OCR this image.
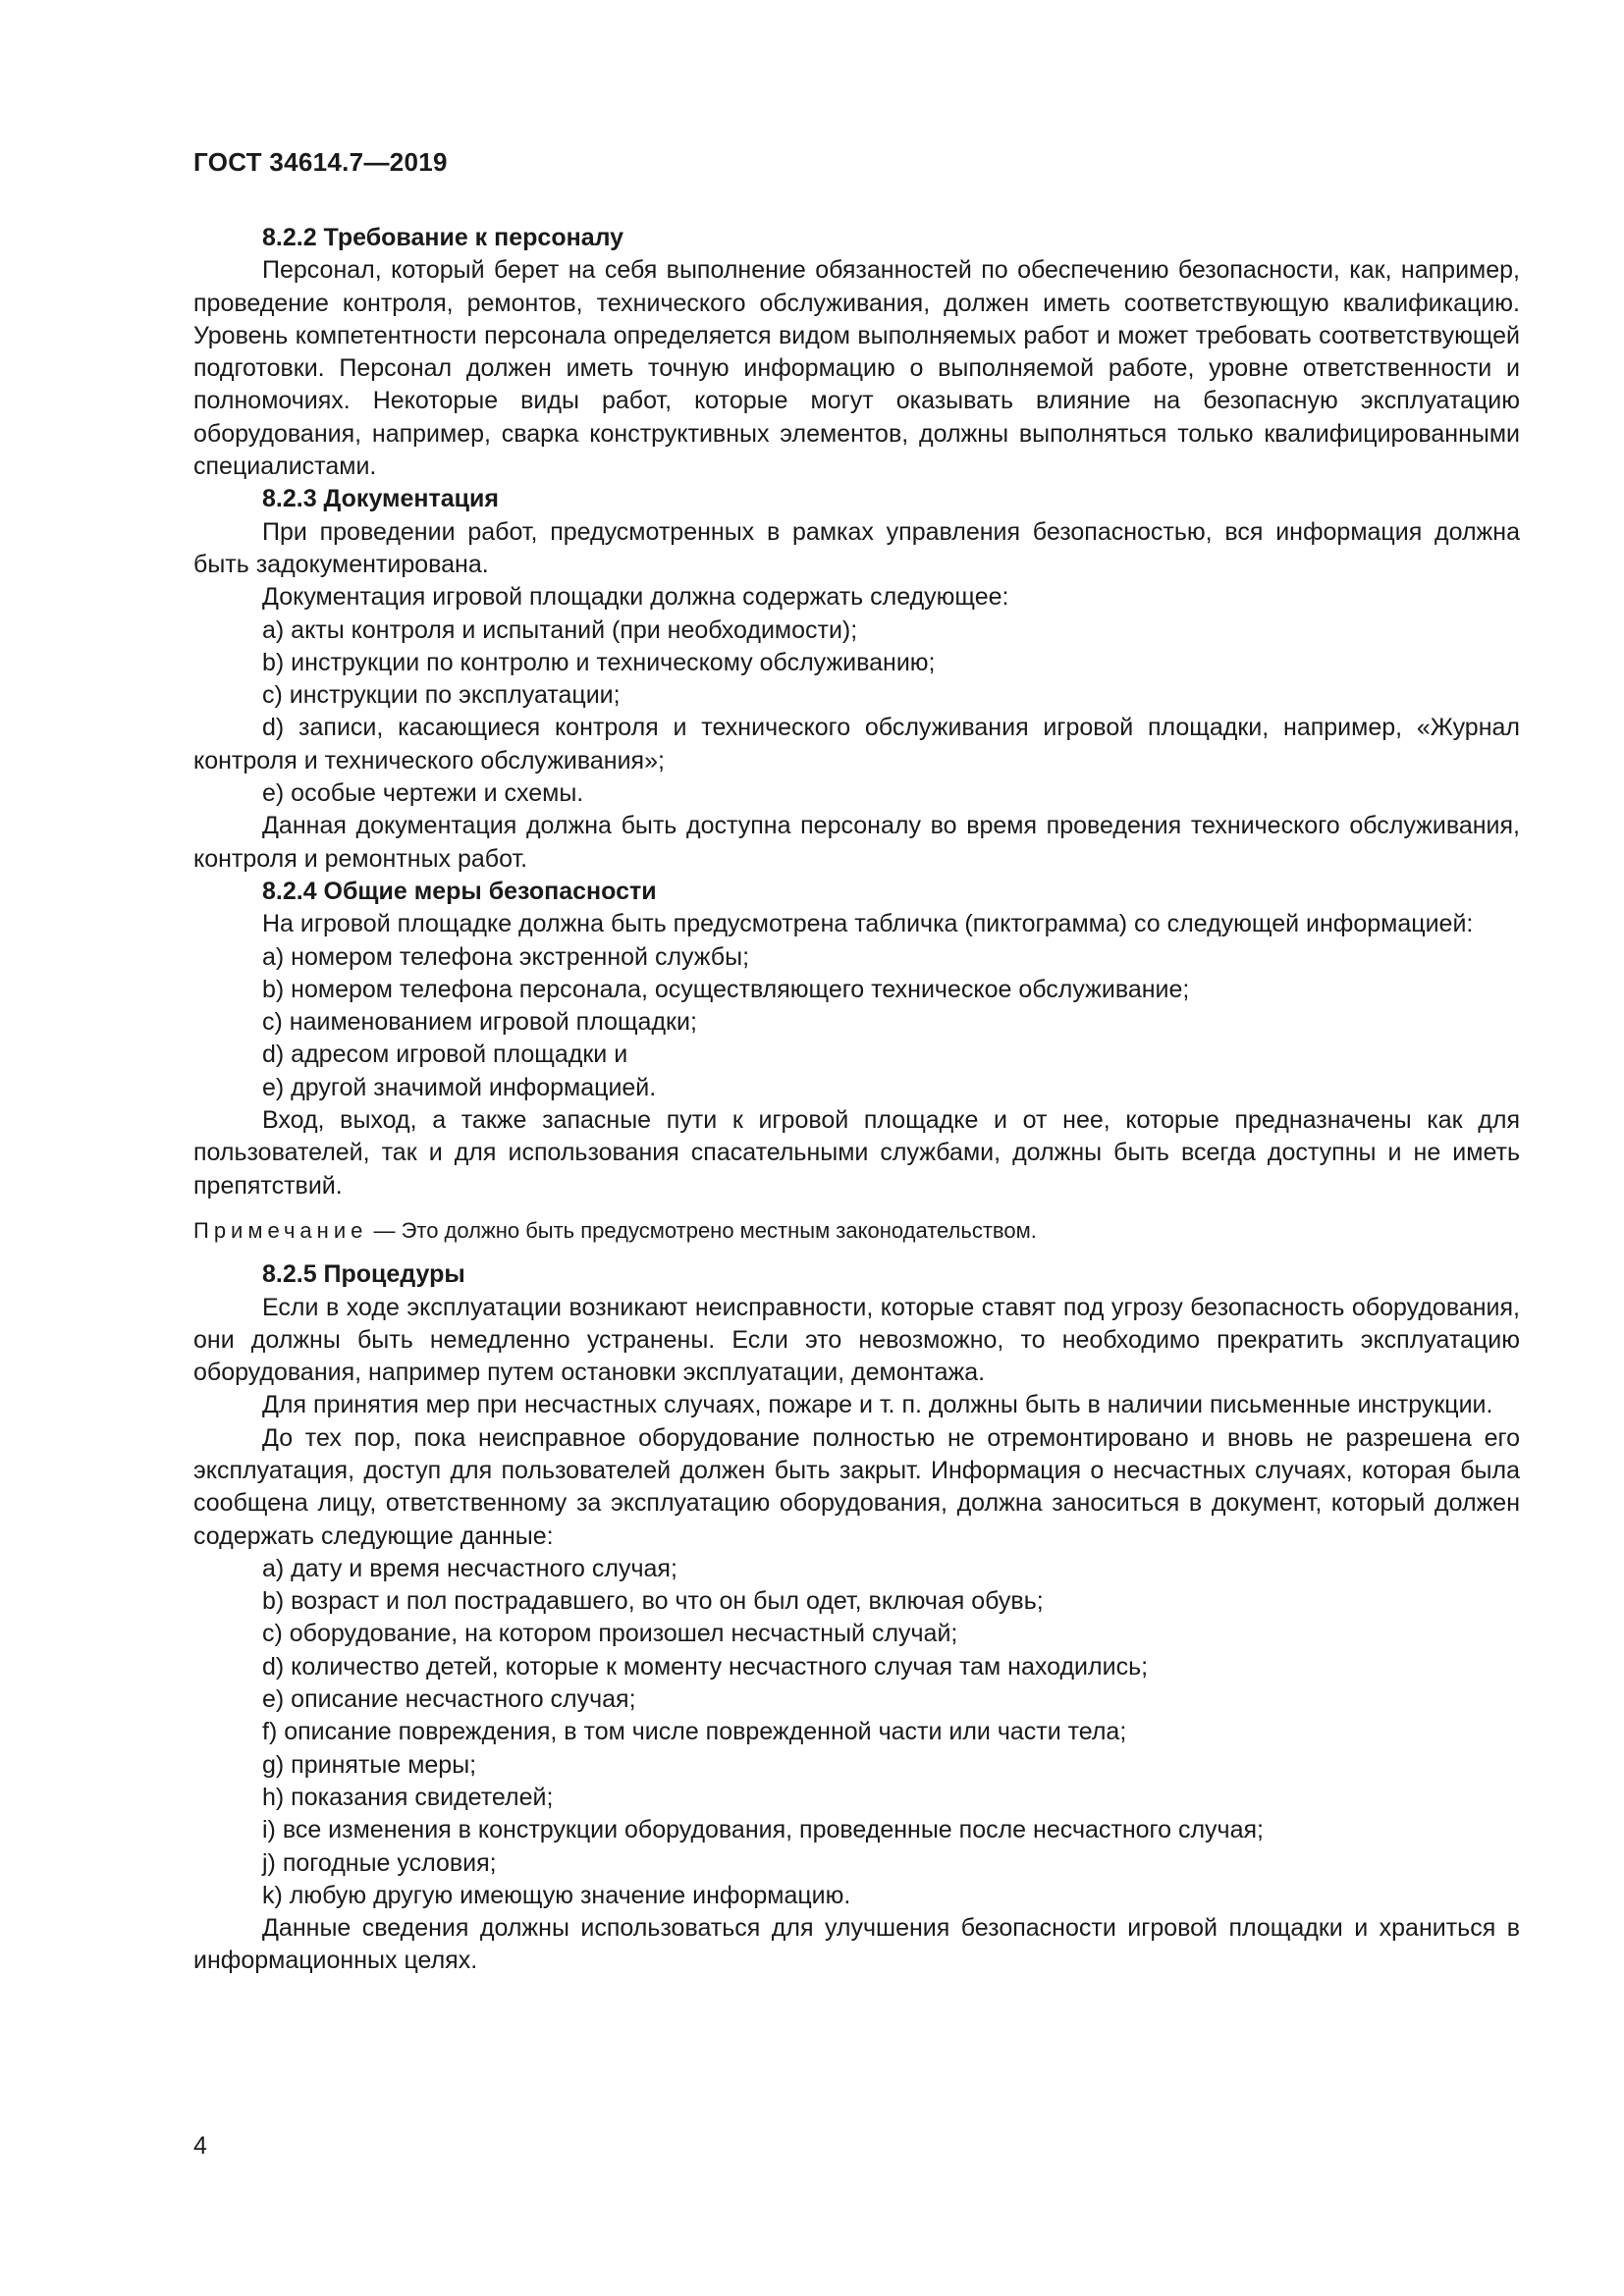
ГОСТ 34614.7—2019

8.2.2 Требование к персоналу

Персонал, который берет на себя выполнение обязанностей по обеспечению безопасности, как, например, проведение контроля, ремонтов, технического обслуживания, должен иметь соответствующую квалификацию. Уровень компетентности персонала определяется видом выполняемых работ и может требовать соответствующей подготовки. Персонал должен иметь точную информацию о выполняемой работе, уровне ответственности и полномочиях. Некоторые виды работ, которые могут оказывать влияние на безопасную эксплуатацию оборудования, например, сварка конструктивных элементов, должны выполняться только квалифицированными специалистами.

8.2.3 Документация

При проведении работ, предусмотренных в рамках управления безопасностью, вся информация должна быть задокументирована.

Документация игровой площадки должна содержать следующее:

a) акты контроля и испытаний (при необходимости);

b) инструкции по контролю и техническому обслуживанию;

c) инструкции по эксплуатации;

d) записи, касающиеся контроля и технического обслуживания игровой площадки, например, «Журнал контроля и технического обслуживания»;

e) особые чертежи и схемы.

Данная документация должна быть доступна персоналу во время проведения технического обслуживания, контроля и ремонтных работ.

8.2.4 Общие меры безопасности

На игровой площадке должна быть предусмотрена табличка (пиктограмма) со следующей информацией:

a) номером телефона экстренной службы;

b) номером телефона персонала, осуществляющего техническое обслуживание;

c) наименованием игровой площадки;

d) адресом игровой площадки и

e) другой значимой информацией.

Вход, выход, а также запасные пути к игровой площадке и от нее, которые предназначены как для пользователей, так и для использования спасательными службами, должны быть всегда доступны и не иметь препятствий.

Примечание — Это должно быть предусмотрено местным законодательством.

8.2.5 Процедуры

Если в ходе эксплуатации возникают неисправности, которые ставят под угрозу безопасность оборудования, они должны быть немедленно устранены. Если это невозможно, то необходимо прекратить эксплуатацию оборудования, например путем остановки эксплуатации, демонтажа.

Для принятия мер при несчастных случаях, пожаре и т. п. должны быть в наличии письменные инструкции.

До тех пор, пока неисправное оборудование полностью не отремонтировано и вновь не разрешена его эксплуатация, доступ для пользователей должен быть закрыт. Информация о несчастных случаях, которая была сообщена лицу, ответственному за эксплуатацию оборудования, должна заноситься в документ, который должен содержать следующие данные:

a) дату и время несчастного случая;

b) возраст и пол пострадавшего, во что он был одет, включая обувь;

c) оборудование, на котором произошел несчастный случай;

d) количество детей, которые к моменту несчастного случая там находились;

e) описание несчастного случая;

f) описание повреждения, в том числе поврежденной части или части тела;

g) принятые меры;

h) показания свидетелей;

i) все изменения в конструкции оборудования, проведенные после несчастного случая;

j) погодные условия;

k) любую другую имеющую значение информацию.

Данные сведения должны использоваться для улучшения безопасности игровой площадки и храниться в информационных целях.

4
